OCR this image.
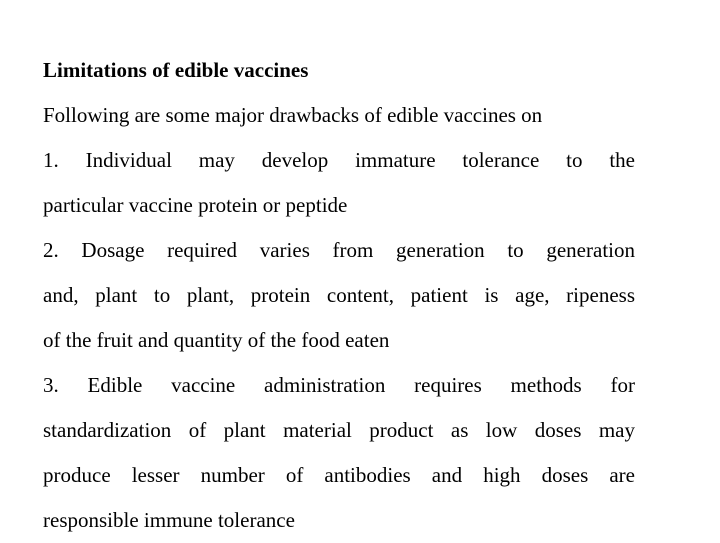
Limitations of edible vaccines
Following are some major drawbacks of edible vaccines on
1. Individual may develop immature tolerance to the
particular vaccine protein or peptide
2. Dosage required varies from generation to generation
and, plant to plant, protein content, patient is age, ripeness
of the fruit and quantity of the food eaten
3. Edible vaccine administration requires methods for
standardization of plant material product as low doses may
produce lesser number of antibodies and high doses are
responsible immune tolerance
